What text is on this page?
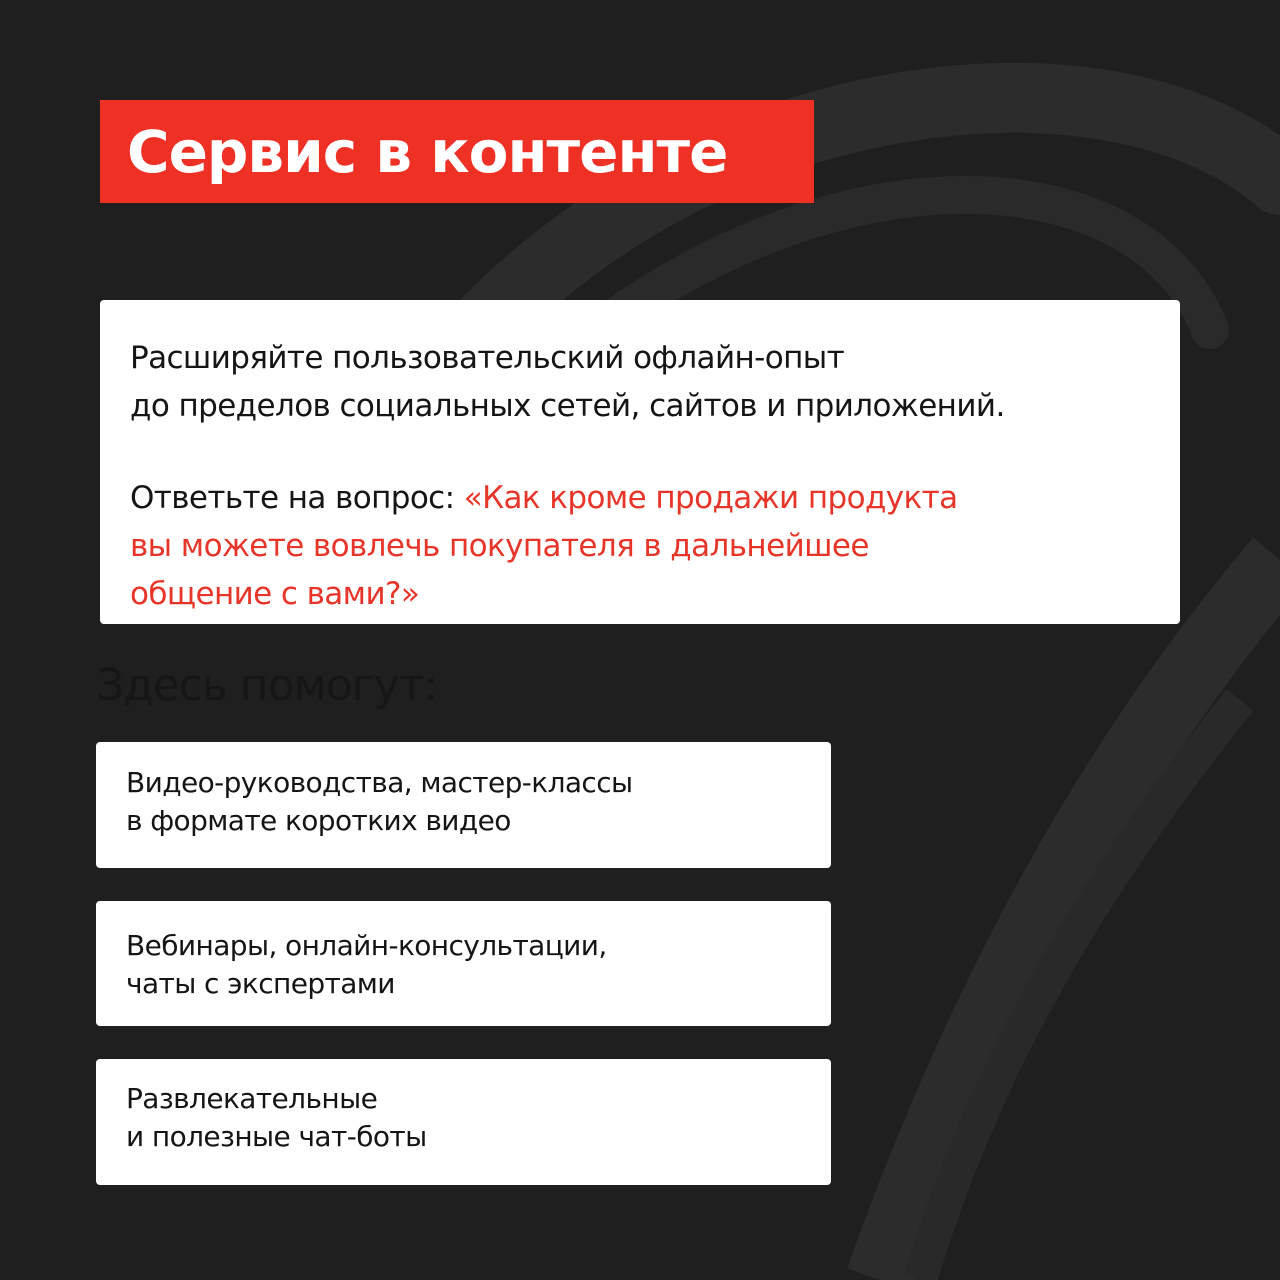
Сервис в контенте

Расширяйте пользовательский офлайн-опыт
до пределов социальных сетей, сайтов и приложений.

Ответьте на вопрос: «Как кроме продажи продукта
вы можете вовлечь покупателя в дальнейшее
общение с вами?»

Здесь помогут:
Видео-руководства, мастер-классы
в формате коротких видео
Вебинары, онлайн-консультации,
чаты с экспертами
Развлекательные
и полезные чат-боты
